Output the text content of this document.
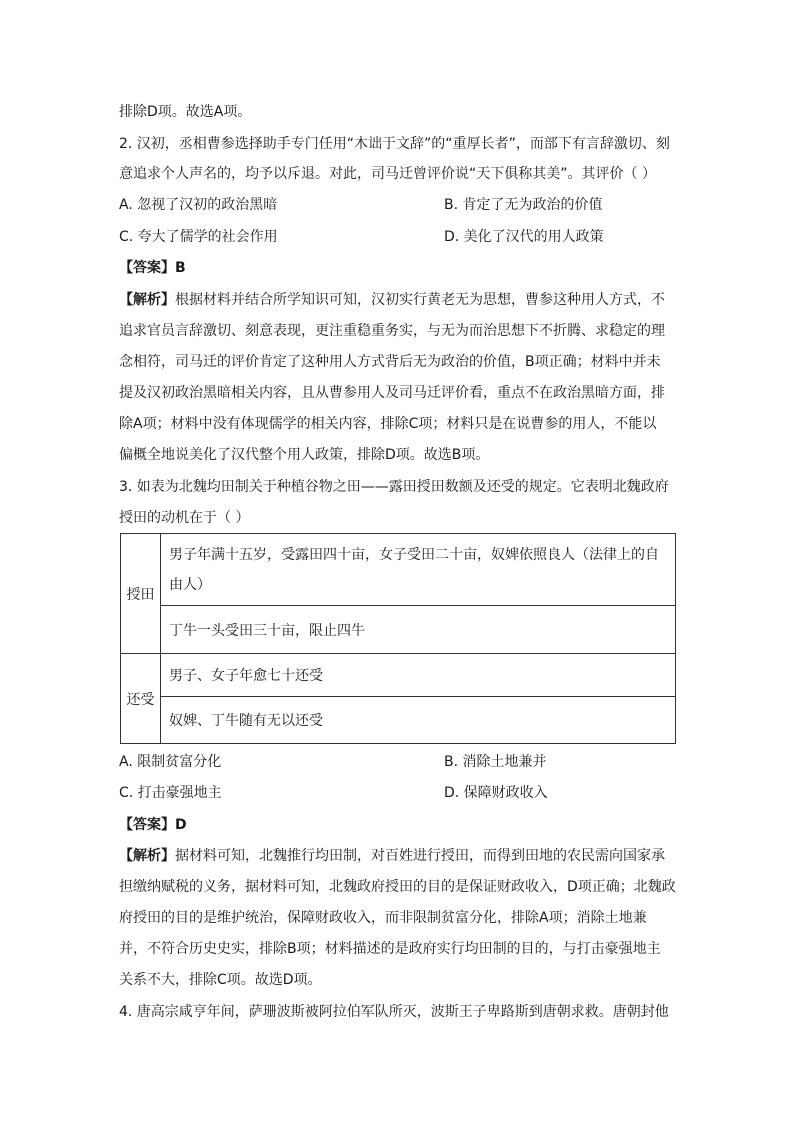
排除D项。故选A项。
2. 汉初，丞相曹参选择助手专门任用“木诎于文辞”的“重厚长者”，而部下有言辞激切、刻
意追求个人声名的，均予以斥退。对此，司马迁曾评价说“天下俱称其美”。其评价（ ）
A. 忽视了汉初的政治黑暗	B. 肯定了无为政治的价值
C. 夸大了儒学的社会作用	D. 美化了汉代的用人政策
【答案】B
【解析】根据材料并结合所学知识可知，汉初实行黄老无为思想，曹参这种用人方式，不
追求官员言辞激切、刻意表现，更注重稳重务实，与无为而治思想下不折腾、求稳定的理
念相符，司马迁的评价肯定了这种用人方式背后无为政治的价值，B项正确；材料中并未
提及汉初政治黑暗相关内容，且从曹参用人及司马迁评价看，重点不在政治黑暗方面，排
除A项；材料中没有体现儒学的相关内容，排除C项；材料只是在说曹参的用人，不能以
偏概全地说美化了汉代整个用人政策，排除D项。故选B项。
3. 如表为北魏均田制关于种植谷物之田——露田授田数额及还受的规定。它表明北魏政府
授田的动机在于（ ）
授田	男子年满十五岁，受露田四十亩，女子受田二十亩，奴婢依照良人（法律上的自由人）

	丁牛一头受田三十亩，限止四牛
还受	男子、女子年愈七十还受
	奴婢、丁牛随有无以还受
A. 限制贫富分化	B. 消除土地兼并
C. 打击豪强地主	D. 保障财政收入
【答案】D
【解析】据材料可知，北魏推行均田制，对百姓进行授田，而得到田地的农民需向国家承
担缴纳赋税的义务，据材料可知，北魏政府授田的目的是保证财政收入，D项正确；北魏政
府授田的目的是维护统治，保障财政收入，而非限制贫富分化，排除A项；消除土地兼
并，不符合历史史实，排除B项；材料描述的是政府实行均田制的目的，与打击豪强地主
关系不大，排除C项。故选D项。
4. 唐高宗咸亨年间，萨珊波斯被阿拉伯军队所灭，波斯王子卑路斯到唐朝求救。唐朝封他
